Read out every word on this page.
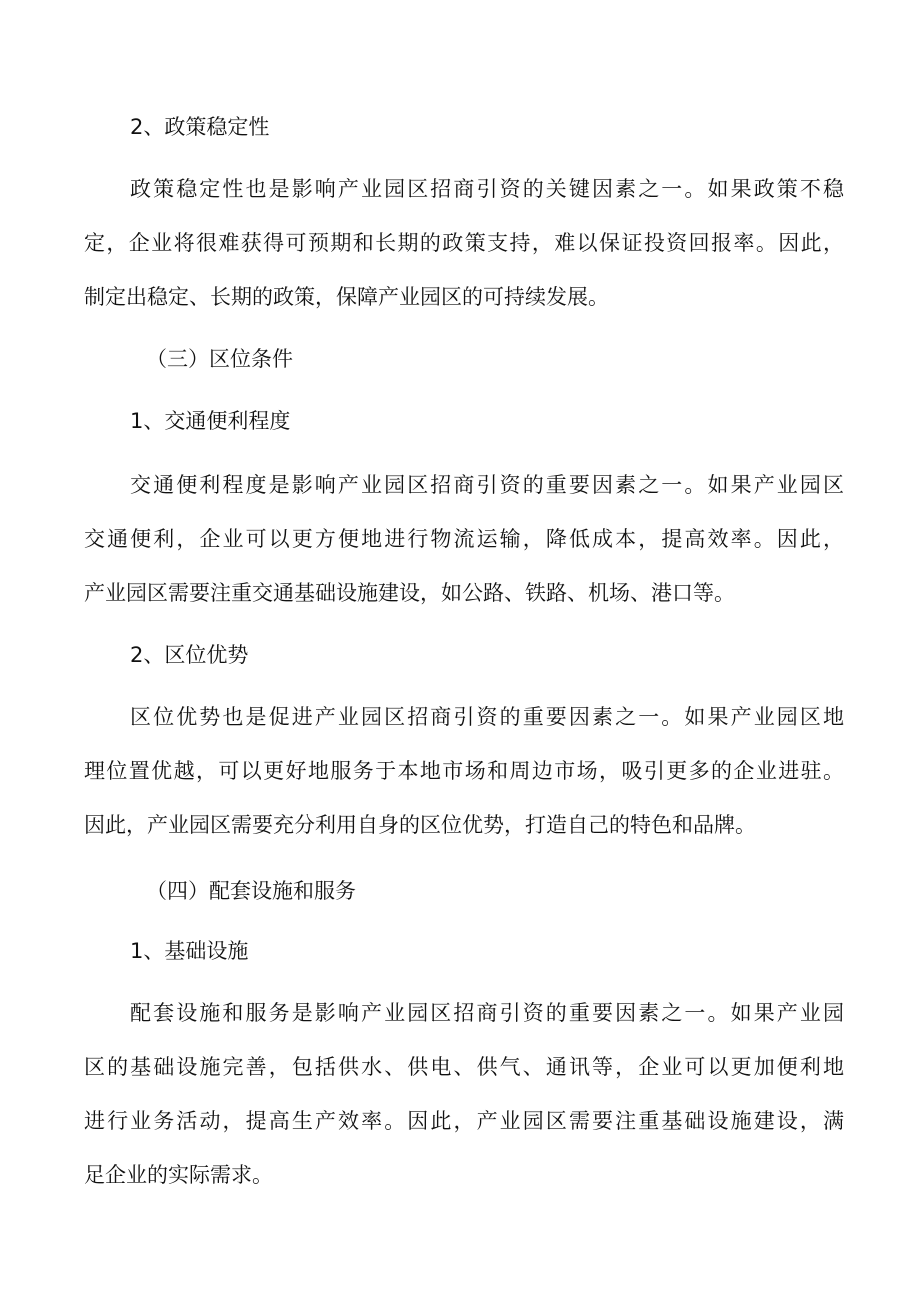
2、政策稳定性
政策稳定性也是影响产业园区招商引资的关键因素之一。如果政策不稳
定，企业将很难获得可预期和长期的政策支持，难以保证投资回报率。因此，
制定出稳定、长期的政策，保障产业园区的可持续发展。
（三）区位条件
1、交通便利程度
交通便利程度是影响产业园区招商引资的重要因素之一。如果产业园区
交通便利，企业可以更方便地进行物流运输，降低成本，提高效率。因此，
产业园区需要注重交通基础设施建设，如公路、铁路、机场、港口等。
2、区位优势
区位优势也是促进产业园区招商引资的重要因素之一。如果产业园区地
理位置优越，可以更好地服务于本地市场和周边市场，吸引更多的企业进驻。
因此，产业园区需要充分利用自身的区位优势，打造自己的特色和品牌。
（四）配套设施和服务
1、基础设施
配套设施和服务是影响产业园区招商引资的重要因素之一。如果产业园
区的基础设施完善，包括供水、供电、供气、通讯等，企业可以更加便利地
进行业务活动，提高生产效率。因此，产业园区需要注重基础设施建设，满
足企业的实际需求。
